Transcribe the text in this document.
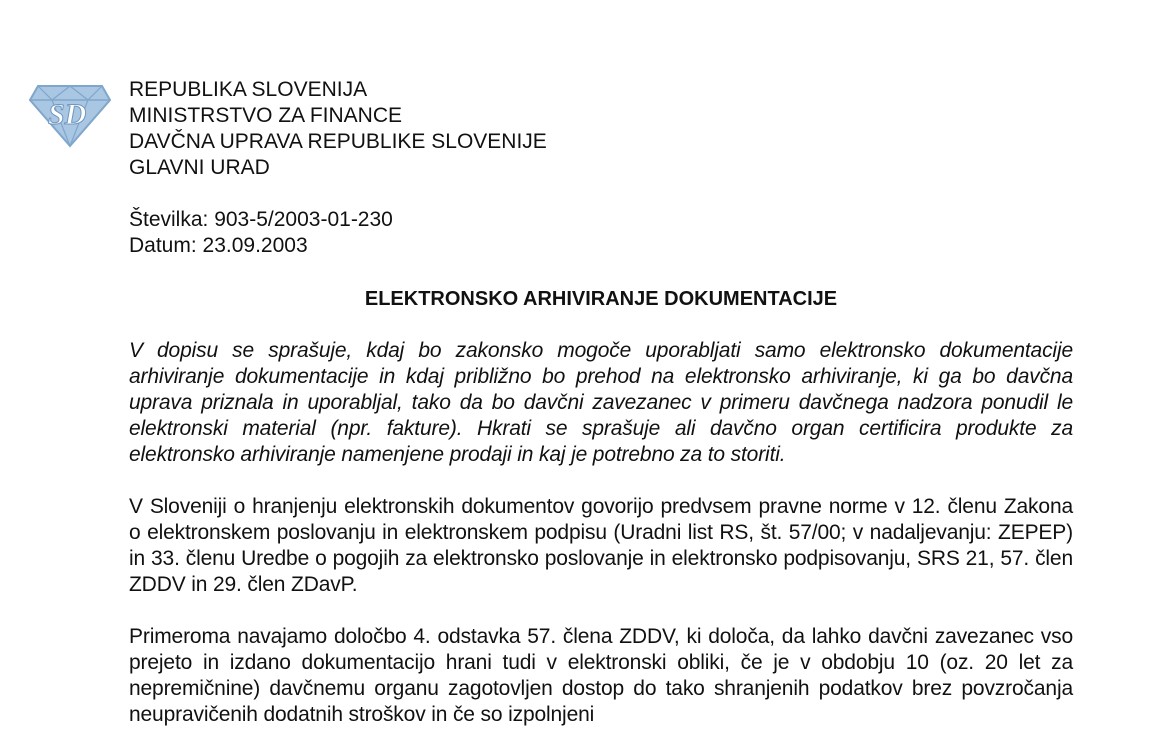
SD
REPUBLIKA SLOVENIJA
MINISTRSTVO ZA FINANCE
DAVČNA UPRAVA REPUBLIKE SLOVENIJE
GLAVNI URAD
Številka: 903-5/2003-01-230
Datum: 23.09.2003
ELEKTRONSKO ARHIVIRANJE DOKUMENTACIJE

V dopisu se sprašuje, kdaj bo zakonsko mogoče uporabljati samo elektronsko dokumentacije arhiviranje dokumentacije in kdaj približno bo prehod na elektronsko arhiviranje, ki ga bo davčna uprava priznala in uporabljal, tako da bo davčni zavezanec v primeru davčnega nadzora ponudil le elektronski material (npr. fakture). Hkrati se sprašuje ali davčno organ certificira produkte za elektronsko arhiviranje namenjene prodaji in kaj je potrebno za to storiti.

V Sloveniji o hranjenju elektronskih dokumentov govorijo predvsem pravne norme v 12. členu Zakona o elektronskem poslovanju in elektronskem podpisu (Uradni list RS, št. 57/00; v nadaljevanju: ZEPEP) in 33. členu Uredbe o pogojih za elektronsko poslovanje in elektronsko podpisovanju, SRS 21, 57. člen ZDDV in 29. člen ZDavP.

Primeroma navajamo določbo 4. odstavka 57. člena ZDDV, ki določa, da lahko davčni zavezanec vso prejeto in izdano dokumentacijo hrani tudi v elektronski obliki, če je v obdobju 10 (oz. 20 let za nepremičnine) davčnemu organu zagotovljen dostop do tako shranjenih podatkov brez povzročanja neupravičenih dodatnih stroškov in če so izpolnjeni
